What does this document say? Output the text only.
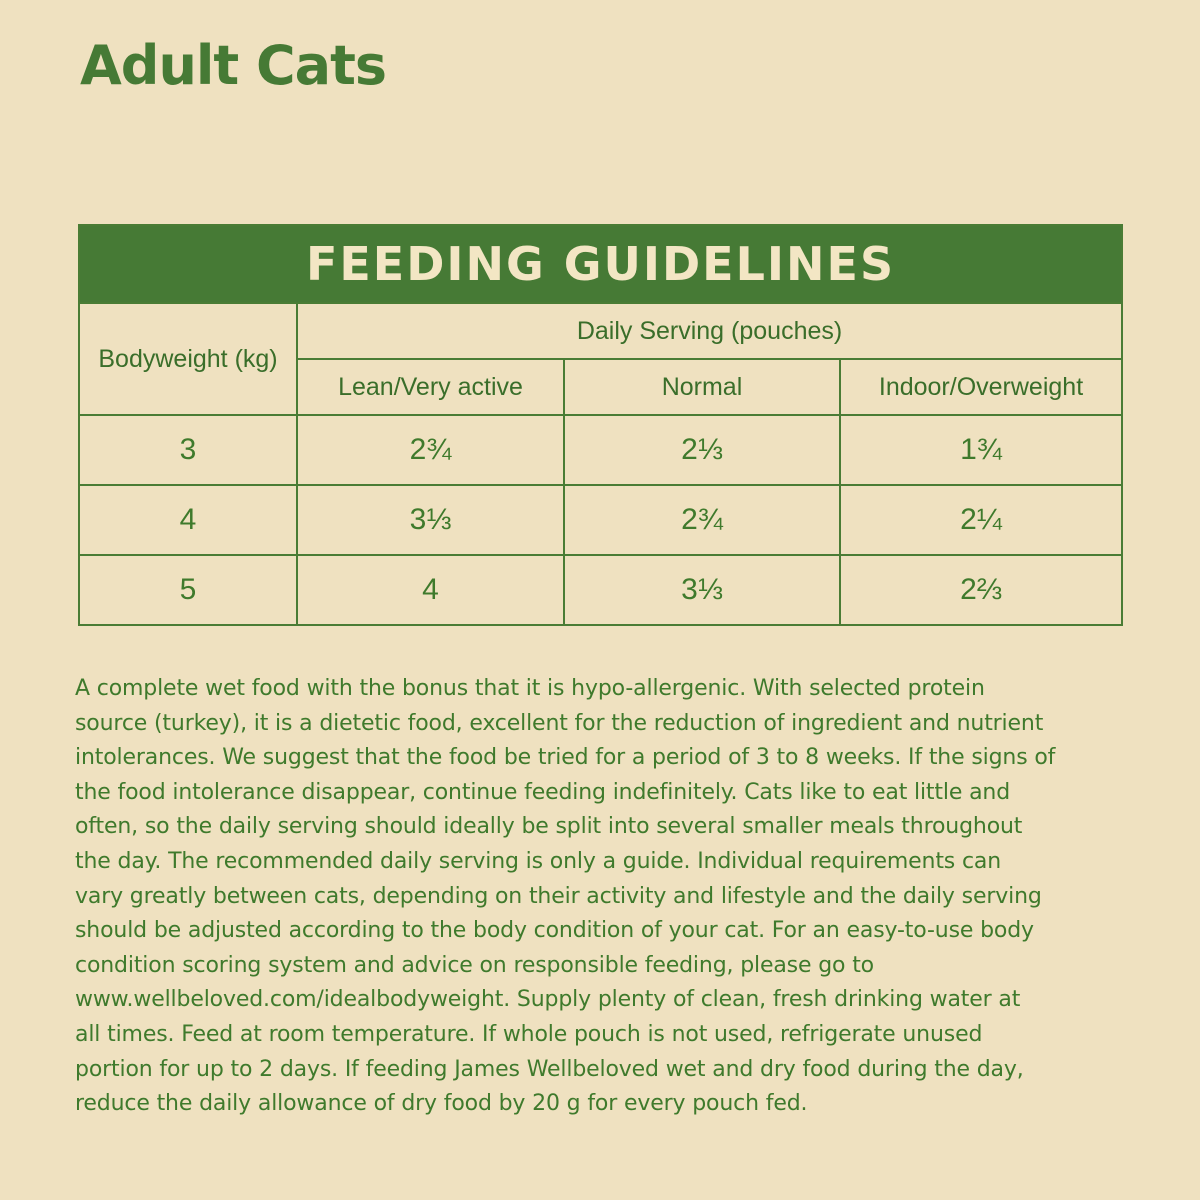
Adult Cats
FEEDING GUIDELINES			
Bodyweight (kg)	Daily Serving (pouches)		
	Lean/Very active	Normal	Indoor/Overweight
3	2¾	2⅓	1¾
4	3⅓	2¾	2¼
5	4	3⅓	2⅔

A complete wet food with the bonus that it is hypo-allergenic. With selected protein
source (turkey), it is a dietetic food, excellent for the reduction of ingredient and nutrient
intolerances. We suggest that the food be tried for a period of 3 to 8 weeks. If the signs of
the food intolerance disappear, continue feeding indefinitely. Cats like to eat little and
often, so the daily serving should ideally be split into several smaller meals throughout
the day. The recommended daily serving is only a guide. Individual requirements can
vary greatly between cats, depending on their activity and lifestyle and the daily serving
should be adjusted according to the body condition of your cat. For an easy-to-use body
condition scoring system and advice on responsible feeding, please go to
www.wellbeloved.com/idealbodyweight. Supply plenty of clean, fresh drinking water at
all times. Feed at room temperature. If whole pouch is not used, refrigerate unused
portion for up to 2 days. If feeding James Wellbeloved wet and dry food during the day,
reduce the daily allowance of dry food by 20 g for every pouch fed.
